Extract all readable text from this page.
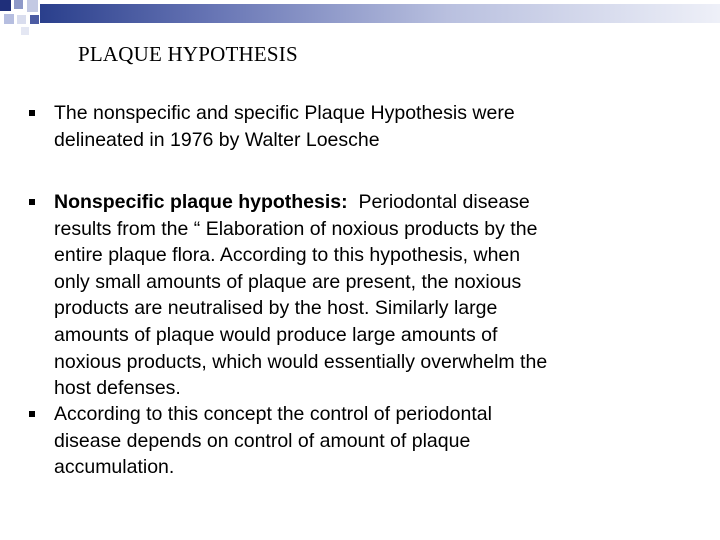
PLAQUE HYPOTHESIS

The nonspecific and specific Plaque Hypothesis were

delineated in 1976 by Walter Loesche

Nonspecific plaque hypothesis:  Periodontal disease

results from the “ Elaboration of noxious products by the

entire plaque flora. According to this hypothesis, when

only small amounts of plaque are present, the noxious

products are neutralised by the host. Similarly large

amounts of plaque would produce large amounts of

noxious products, which would essentially overwhelm the

host defenses.

According to this concept the control of periodontal

disease depends on control of amount of plaque

accumulation.
